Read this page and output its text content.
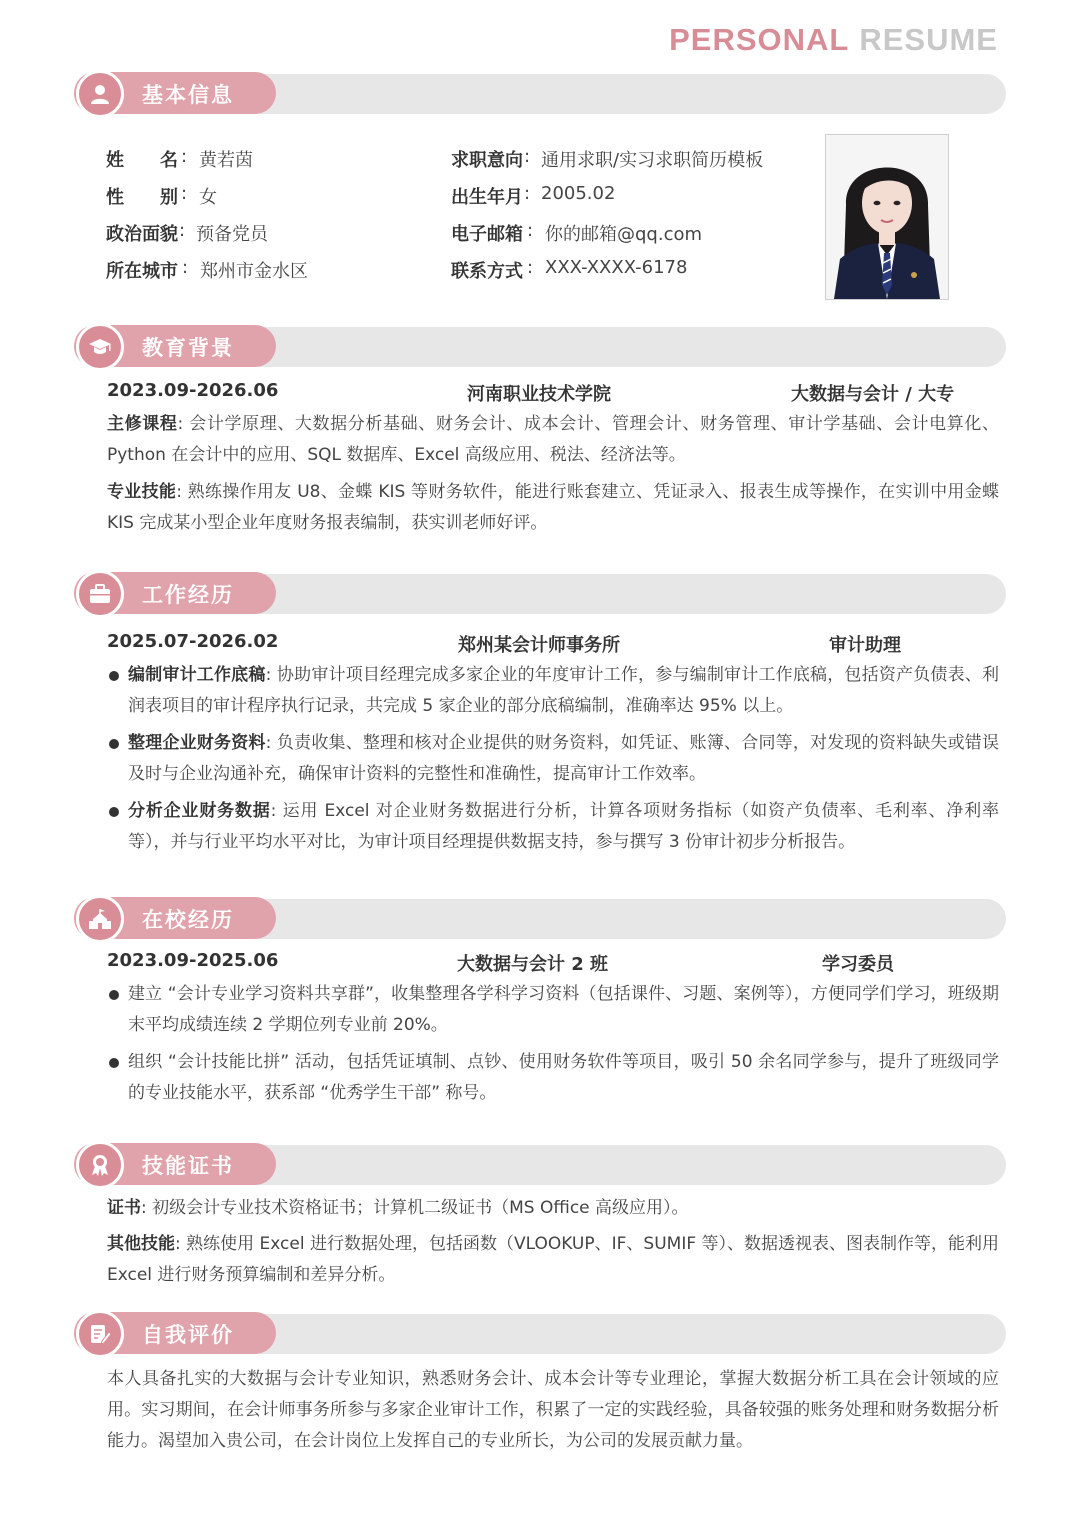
PERSONAL RESUME
基本信息
姓 名 : 黄若茵	求职意向 : 通用求职/实习求职简历模板
性 别 : 女	出生年月 : 2005.02
政治面貌 : 预备党员	电子邮箱 : 你的邮箱@qq.com
所在城市 : 郑州市金水区	联系方式 : XXX-XXXX-6178
教育背景
2023.09-2026.06	河南职业技术学院	大数据与会计 / 大专
主修课程: 会计学原理、大数据分析基础、财务会计、成本会计、管理会计、财务管理、审计学基础、会计电算化、Python 在会计中的应用、SQL 数据库、Excel 高级应用、税法、经济法等。
专业技能: 熟练操作用友 U8、金蝶 KIS 等财务软件，能进行账套建立、凭证录入、报表生成等操作，在实训中用金蝶 KIS 完成某小型企业年度财务报表编制，获实训老师好评。
工作经历
2025.07-2026.02	郑州某会计师事务所	审计助理
编制审计工作底稿: 协助审计项目经理完成多家企业的年度审计工作，参与编制审计工作底稿，包括资产负债表、利润表项目的审计程序执行记录，共完成 5 家企业的部分底稿编制，准确率达 95% 以上。
整理企业财务资料: 负责收集、整理和核对企业提供的财务资料，如凭证、账簿、合同等，对发现的资料缺失或错误及时与企业沟通补充，确保审计资料的完整性和准确性，提高审计工作效率。
分析企业财务数据: 运用 Excel 对企业财务数据进行分析，计算各项财务指标（如资产负债率、毛利率、净利率等），并与行业平均水平对比，为审计项目经理提供数据支持，参与撰写 3 份审计初步分析报告。
在校经历
2023.09-2025.06	大数据与会计 2 班	学习委员
建立 “会计专业学习资料共享群”，收集整理各学科学习资料（包括课件、习题、案例等），方便同学们学习，班级期末平均成绩连续 2 学期位列专业前 20%。
组织 “会计技能比拼” 活动，包括凭证填制、点钞、使用财务软件等项目，吸引 50 余名同学参与，提升了班级同学的专业技能水平，获系部 “优秀学生干部” 称号。
技能证书
证书: 初级会计专业技术资格证书；计算机二级证书（MS Office 高级应用）。
其他技能: 熟练使用 Excel 进行数据处理，包括函数（VLOOKUP、IF、SUMIF 等）、数据透视表、图表制作等，能利用 Excel 进行财务预算编制和差异分析。
自我评价
本人具备扎实的大数据与会计专业知识，熟悉财务会计、成本会计等专业理论，掌握大数据分析工具在会计领域的应用。实习期间，在会计师事务所参与多家企业审计工作，积累了一定的实践经验，具备较强的账务处理和财务数据分析能力。渴望加入贵公司，在会计岗位上发挥自己的专业所长，为公司的发展贡献力量。
